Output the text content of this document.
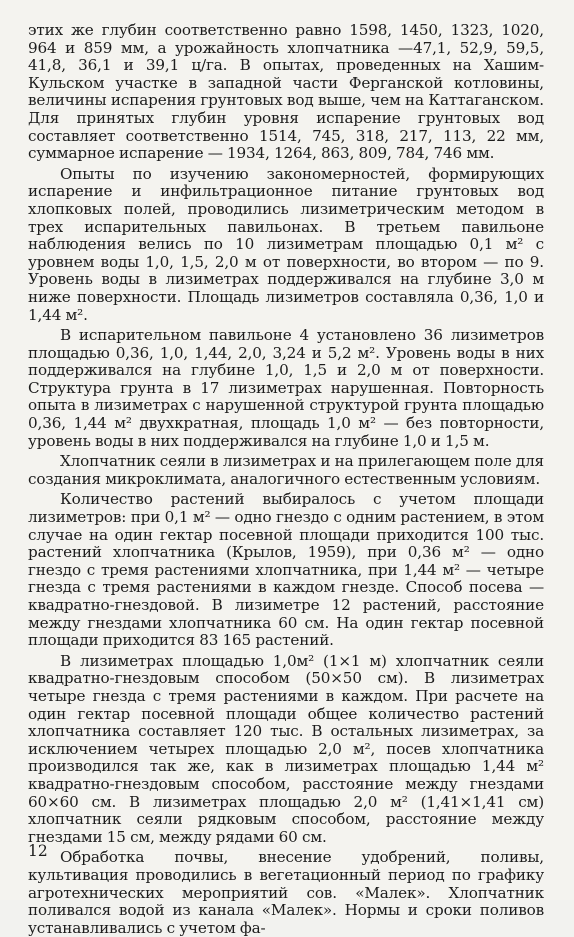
этих же глубин соответственно равно 1598, 1450, 1323, 1020, 964 и 859 мм, а урожайность хлопчатника —47,1, 52,9, 59,5, 41,8, 36,1 и 39,1 ц/га. В опытах, проведенных на Хашим-Кульском участке в западной части Ферганской котловины, величины испарения грунтовых вод выше, чем на Каттаганском. Для принятых глубин уровня испарение грунтовых вод составляет соответственно 1514, 745, 318, 217, 113, 22 мм, суммарное испарение — 1934, 1264, 863, 809, 784, 746 мм.

Опыты по изучению закономерностей, формирующих испарение и инфильтрационное питание грунтовых вод хлопковых полей, проводились лизиметрическим методом в трех испарительных павильонах. В третьем павильоне наблюдения велись по 10 лизиметрам площадью 0,1 м² с уровнем воды 1,0, 1,5, 2,0 м от поверхности, во втором — по 9. Уровень воды в лизиметрах поддерживался на глубине 3,0 м ниже поверхности. Площадь лизиметров составляла 0,36, 1,0 и 1,44 м².

В испарительном павильоне 4 установлено 36 лизиметров площадью 0,36, 1,0, 1,44, 2,0, 3,24 и 5,2 м². Уровень воды в них поддерживался на глубине 1,0, 1,5 и 2,0 м от поверхности. Структура грунта в 17 лизиметрах нарушенная. Повторность опыта в лизиметрах с нарушенной структурой грунта площадью 0,36, 1,44 м² двухкратная, площадь 1,0 м² — без повторности, уровень воды в них поддерживался на глубине 1,0 и 1,5 м.

Хлопчатник сеяли в лизиметрах и на прилегающем поле для создания микроклимата, аналогичного естественным условиям.

Количество растений выбиралось с учетом площади лизиметров: при 0,1 м² — одно гнездо с одним растением, в этом случае на один гектар посевной площади приходится 100 тыс. растений хлопчатника (Крылов, 1959), при 0,36 м² — одно гнездо с тремя растениями хлопчатника, при 1,44 м² — четыре гнезда с тремя растениями в каждом гнезде. Способ посева — квадратно-гнездовой. В лизиметре 12 растений, расстояние между гнездами хлопчатника 60 см. На один гектар посевной площади приходится 83 165 растений.

В лизиметрах площадью 1,0м² (1×1 м) хлопчатник сеяли квадратно-гнездовым способом (50×50 см). В лизиметрах четыре гнезда с тремя растениями в каждом. При расчете на один гектар посевной площади общее количество растений хлопчатника составляет 120 тыс. В остальных лизиметрах, за исключением четырех площадью 2,0 м², посев хлопчатника производился так же, как в лизиметрах площадью 1,44 м² квадратно-гнездовым способом, расстояние между гнездами 60×60 см. В лизиметрах площадью 2,0 м² (1,41×1,41 см) хлопчатник сеяли рядковым способом, расстояние между гнездами 15 см, между рядами 60 см.

Обработка почвы, внесение удобрений, поливы, культивация проводились в вегетационный период по графику агротехнических мероприятий сов. «Малек». Хлопчатник поливался водой из канала «Малек». Нормы и сроки поливов устанавливались с учетом фа-

12
